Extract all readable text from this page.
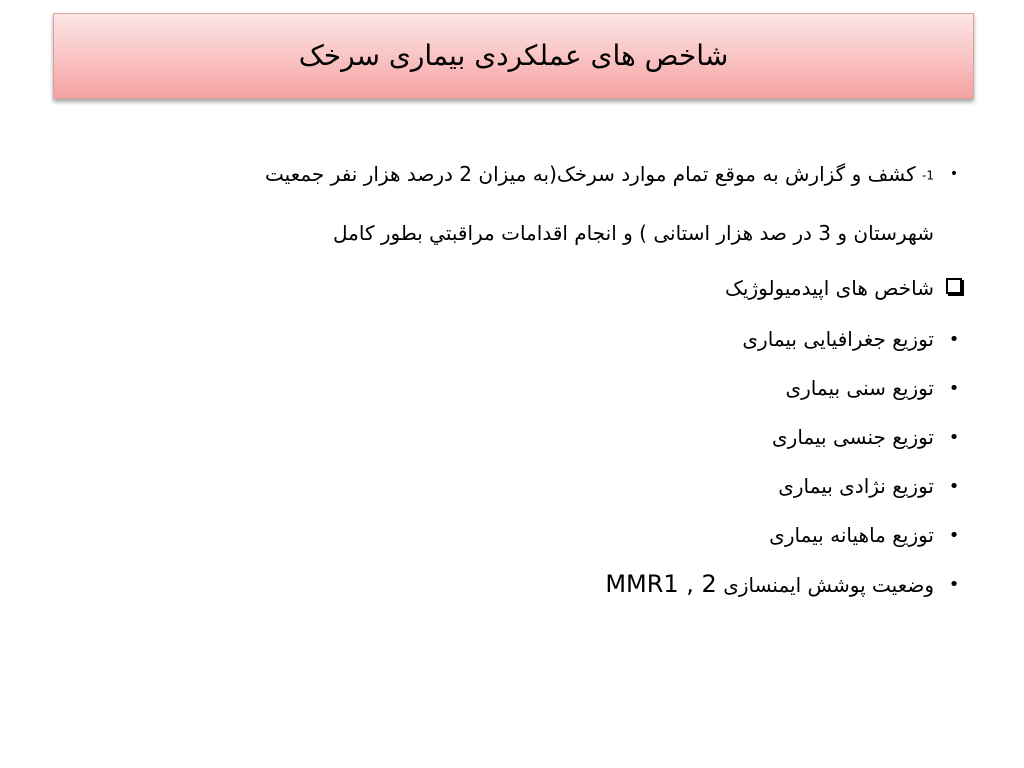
شاخص های عملکردی بیماری سرخک
•
1- کشف و گزارش به موقع تمام موارد سرخک(به میزان 2 درصد هزار نفر جمعیت
شهرستان و 3 در صد هزار استانی ) و انجام اقدامات مراقبتي بطور کامل
شاخص های اپیدمیولوژیک
•
توزیع جغرافیایی بیماری
•
توزیع سنی بیماری
•
توزیع جنسی بیماری
•
توزیع نژادی بیماری
•
توزیع ماهیانه بیماری
•
وضعیت پوشش ایمنسازی MMR1 , 2
